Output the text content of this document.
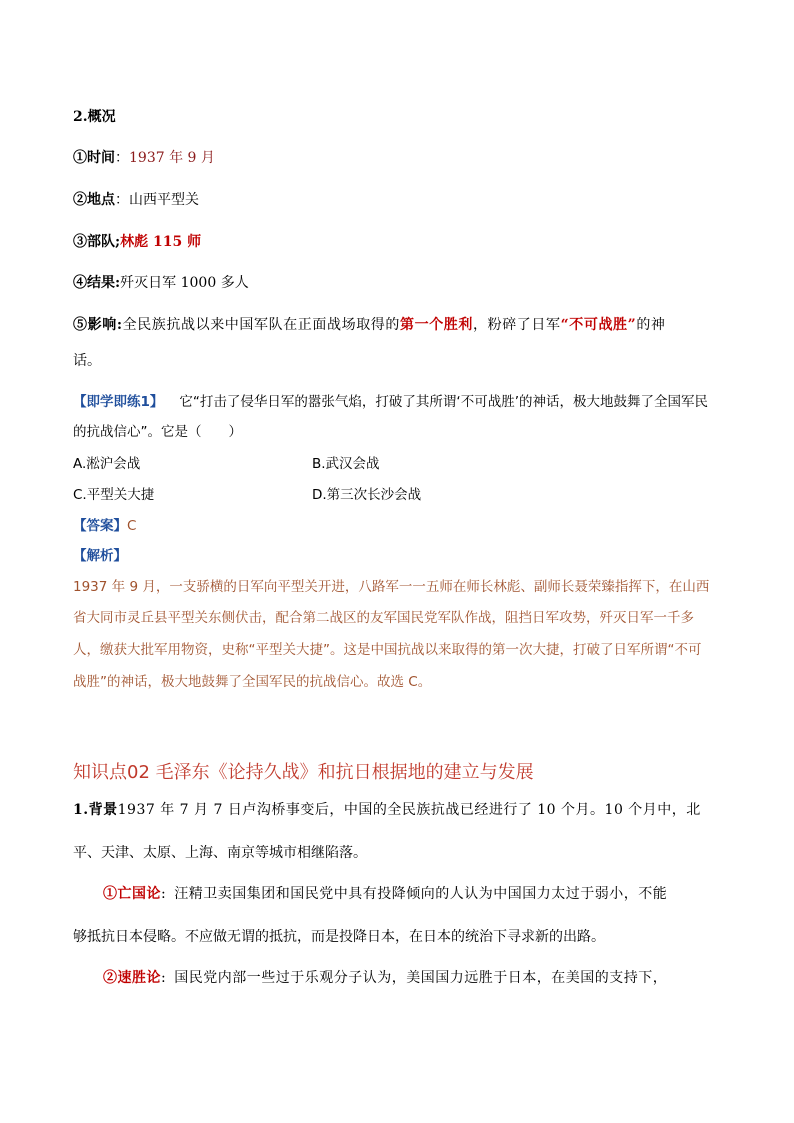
2.概况
①时间：1937 年 9 月
②地点：山西平型关
③部队;林彪 115 师
④结果:歼灭日军 1000 多人
⑤影响:全民族抗战以来中国军队在正面战场取得的第一个胜利，粉碎了日军“不可战胜”的神
话。
【即学即练1】 它“打击了侵华日军的嚣张气焰，打破了其所谓‘不可战胜’的神话，极大地鼓舞了全国军民
的抗战信心”。它是（　　）
A.淞沪会战	B.武汉会战
C.平型关大捷	D.第三次长沙会战
【答案】C
【解析】
1937 年 9 月，一支骄横的日军向平型关开进，八路军一一五师在师长林彪、副师长聂荣臻指挥下，在山西
省大同市灵丘县平型关东侧伏击，配合第二战区的友军国民党军队作战，阻挡日军攻势，歼灭日军一千多
人，缴获大批军用物资，史称“平型关大捷”。这是中国抗战以来取得的第一次大捷，打破了日军所谓“不可
战胜”的神话，极大地鼓舞了全国军民的抗战信心。故选 C。
知识点02 毛泽东《论持久战》和抗日根据地的建立与发展
1.背景1937 年 7 月 7 日卢沟桥事变后，中国的全民族抗战已经进行了 10 个月。10 个月中，北
平、天津、太原、上海、南京等城市相继陷落。
①亡国论: 汪精卫卖国集团和国民党中具有投降倾向的人认为中国国力太过于弱小，不能
够抵抗日本侵略。不应做无谓的抵抗，而是投降日本，在日本的统治下寻求新的出路。
②速胜论: 国民党内部一些过于乐观分子认为，美国国力远胜于日本，在美国的支持下，
